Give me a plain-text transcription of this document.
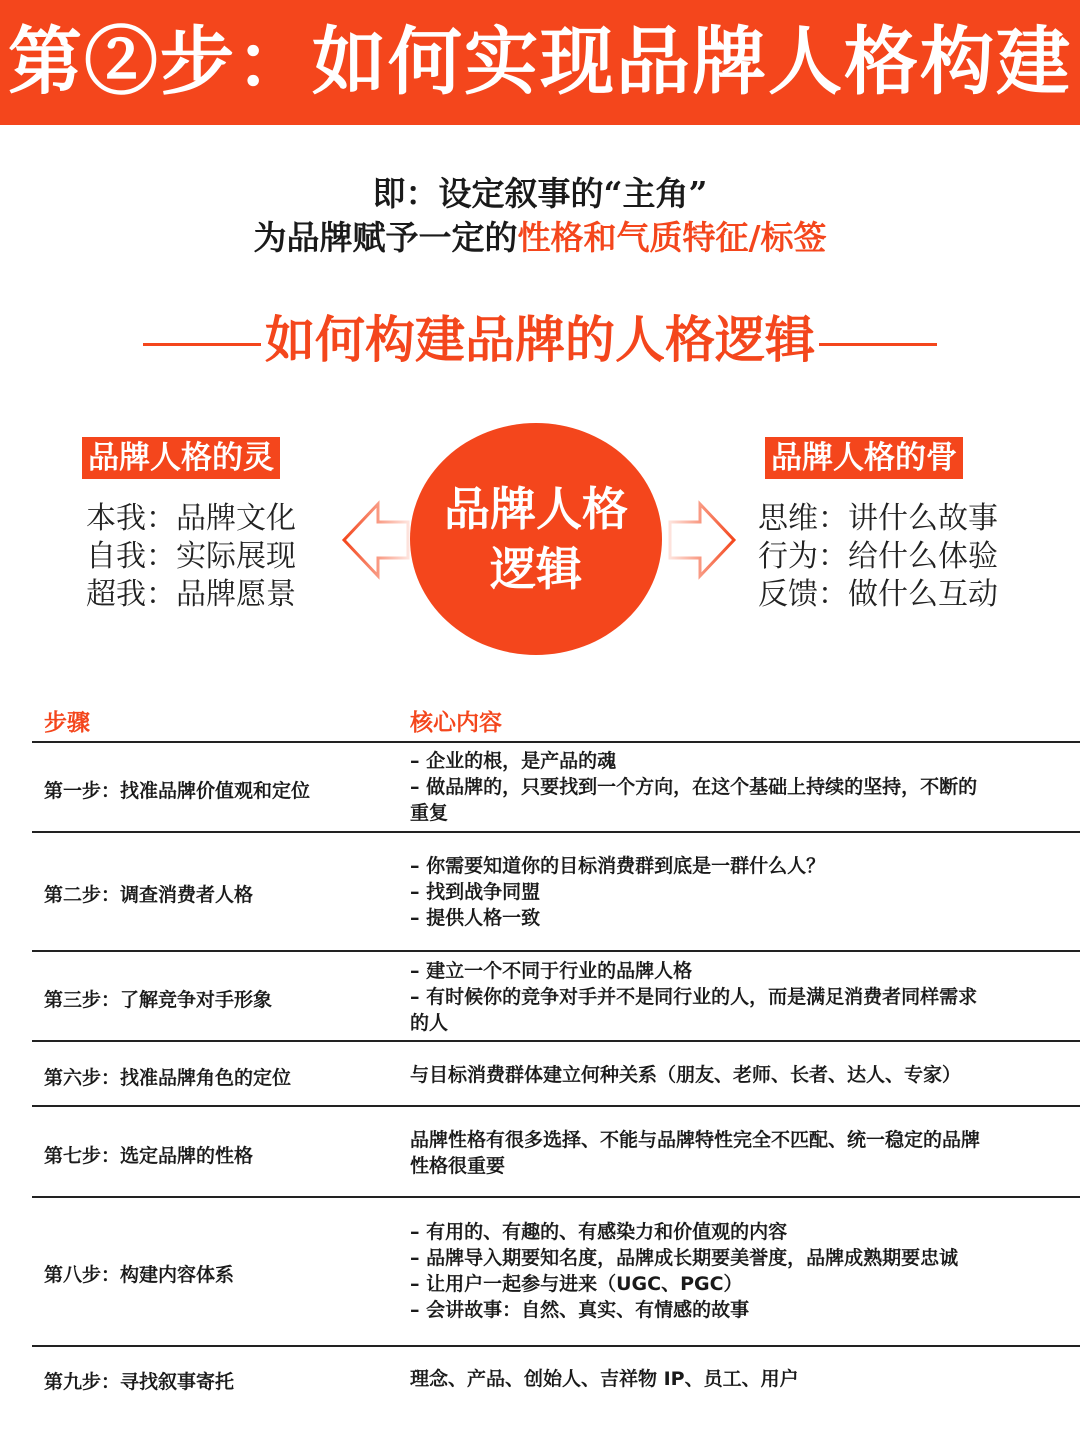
第②步：如何实现品牌人格构建
即：设定叙事的“主角”
为品牌赋予一定的性格和气质特征/标签
如何构建品牌的人格逻辑
品牌人格的灵
本我：品牌文化
自我：实际展现
超我：品牌愿景
品牌人格
逻辑
品牌人格的骨
思维：讲什么故事
行为：给什么体验
反馈：做什么互动
步骤	核心内容
第一步：找准品牌价值观和定位
– 企业的根，是产品的魂
– 做品牌的，只要找到一个方向，在这个基础上持续的坚持，不断的
重复
第二步：调查消费者人格
– 你需要知道你的目标消费群到底是一群什么人？
– 找到战争同盟
– 提供人格一致
第三步：了解竞争对手形象
– 建立一个不同于行业的品牌人格
– 有时候你的竞争对手并不是同行业的人，而是满足消费者同样需求
的人
第六步：找准品牌角色的定位	与目标消费群体建立何种关系（朋友、老师、长者、达人、专家）
第七步：选定品牌的性格
品牌性格有很多选择、不能与品牌特性完全不匹配、统一稳定的品牌
性格很重要
第八步：构建内容体系
– 有用的、有趣的、有感染力和价值观的内容
– 品牌导入期要知名度，品牌成长期要美誉度，品牌成熟期要忠诚
– 让用户一起参与进来（UGC、PGC）
– 会讲故事：自然、真实、有情感的故事
第九步：寻找叙事寄托	理念、产品、创始人、吉祥物 IP、员工、用户
